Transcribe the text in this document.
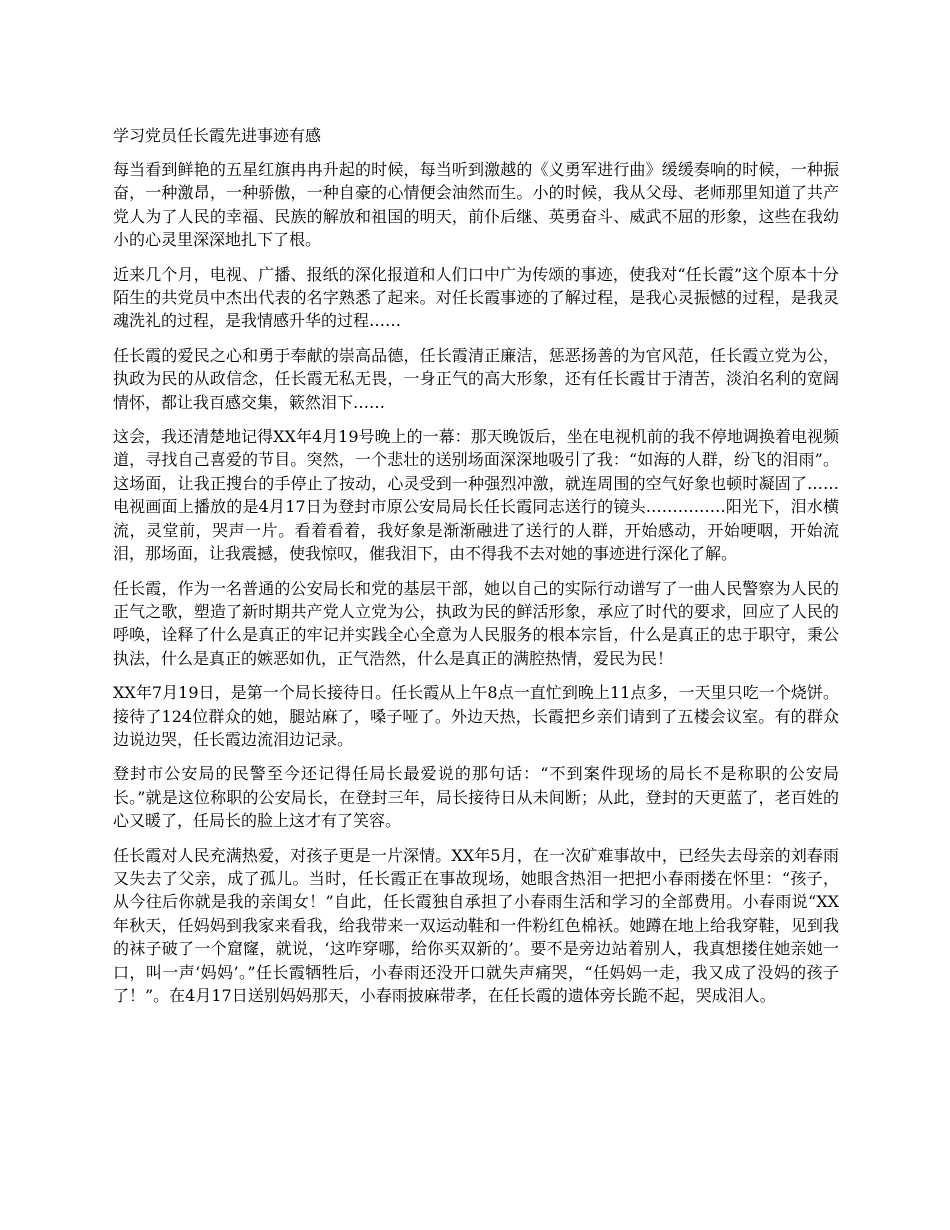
学习党员任长霞先进事迹有感

每当看到鲜艳的五星红旗冉冉升起的时候，每当听到激越的《义勇军进行曲》缓缓奏响的时候，一种振奋，一种激昂，一种骄傲，一种自豪的心情便会油然而生。小的时候，我从父母、老师那里知道了共产党人为了人民的幸福、民族的解放和祖国的明天，前仆后继、英勇奋斗、威武不屈的形象，这些在我幼小的心灵里深深地扎下了根。

近来几个月，电视、广播、报纸的深化报道和人们口中广为传颂的事迹，使我对“任长霞”这个原本十分陌生的共党员中杰出代表的名字熟悉了起来。对任长霞事迹的了解过程，是我心灵振憾的过程，是我灵魂洗礼的过程，是我情感升华的过程……

任长霞的爱民之心和勇于奉献的崇高品德，任长霞清正廉洁，惩恶扬善的为官风范，任长霞立党为公，执政为民的从政信念，任长霞无私无畏，一身正气的高大形象，还有任长霞甘于清苦，淡泊名利的宽阔情怀，都让我百感交集，簌然泪下……

这会，我还清楚地记得XX年4月19号晚上的一幕：那天晚饭后，坐在电视机前的我不停地调换着电视频道，寻找自己喜爱的节目。突然，一个悲壮的送别场面深深地吸引了我：“如海的人群，纷飞的泪雨”。这场面，让我正搜台的手停止了按动，心灵受到一种强烈冲激，就连周围的空气好象也顿时凝固了……电视画面上播放的是4月17日为登封市原公安局局长任长霞同志送行的镜头……………阳光下，泪水横流，灵堂前，哭声一片。看着看着，我好象是渐渐融进了送行的人群，开始感动，开始哽咽，开始流泪，那场面，让我震撼，使我惊叹，催我泪下，由不得我不去对她的事迹进行深化了解。

任长霞，作为一名普通的公安局长和党的基层干部，她以自己的实际行动谱写了一曲人民警察为人民的正气之歌，塑造了新时期共产党人立党为公，执政为民的鲜活形象，承应了时代的要求，回应了人民的呼唤，诠释了什么是真正的牢记并实践全心全意为人民服务的根本宗旨，什么是真正的忠于职守，秉公执法，什么是真正的嫉恶如仇，正气浩然，什么是真正的满腔热情，爱民为民！

XX年7月19日，是第一个局长接待日。任长霞从上午8点一直忙到晚上11点多，一天里只吃一个烧饼。接待了124位群众的她，腿站麻了，嗓子哑了。外边天热，长霞把乡亲们请到了五楼会议室。有的群众边说边哭，任长霞边流泪边记录。

登封市公安局的民警至今还记得任局长最爱说的那句话：“不到案件现场的局长不是称职的公安局长。”就是这位称职的公安局长，在登封三年，局长接待日从未间断；从此，登封的天更蓝了，老百姓的心又暖了，任局长的脸上这才有了笑容。

任长霞对人民充满热爱，对孩子更是一片深情。XX年5月，在一次矿难事故中，已经失去母亲的刘春雨又失去了父亲，成了孤儿。当时，任长霞正在事故现场，她眼含热泪一把把小春雨搂在怀里：“孩子，从今往后你就是我的亲闺女！”自此，任长霞独自承担了小春雨生活和学习的全部费用。小春雨说“XX年秋天，任妈妈到我家来看我，给我带来一双运动鞋和一件粉红色棉袄。她蹲在地上给我穿鞋，见到我的袜子破了一个窟窿，就说，‘这咋穿哪，给你买双新的’。要不是旁边站着别人，我真想搂住她亲她一口，叫一声‘妈妈’。”任长霞牺牲后，小春雨还没开口就失声痛哭，“任妈妈一走，我又成了没妈的孩子了！”。在4月17日送别妈妈那天，小春雨披麻带孝，在任长霞的遗体旁长跪不起，哭成泪人。
